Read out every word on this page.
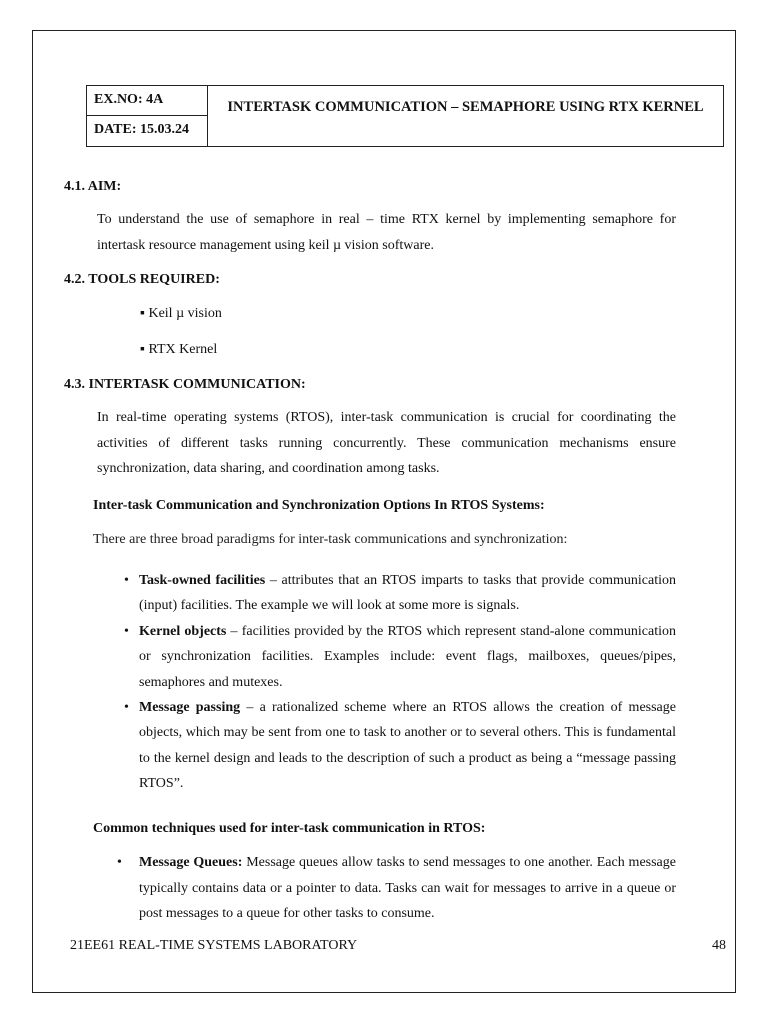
EX.NO: 4A
DATE: 15.03.24
INTERTASK COMMUNICATION – SEMAPHORE USING RTX KERNEL
4.1. AIM:
To understand the use of semaphore in real – time RTX kernel by implementing semaphore for intertask resource management using keil µ vision software.
4.2. TOOLS REQUIRED:
▪ Keil µ vision
▪ RTX Kernel
4.3. INTERTASK COMMUNICATION:
In real-time operating systems (RTOS), inter-task communication is crucial for coordinating the activities of different tasks running concurrently. These communication mechanisms ensure synchronization, data sharing, and coordination among tasks.
Inter-task Communication and Synchronization Options In RTOS Systems:
There are three broad paradigms for inter-task communications and synchronization:
• Task-owned facilities – attributes that an RTOS imparts to tasks that provide communication (input) facilities. The example we will look at some more is signals.
• Kernel objects – facilities provided by the RTOS which represent stand-alone communication or synchronization facilities. Examples include: event flags, mailboxes, queues/pipes, semaphores and mutexes.
• Message passing – a rationalized scheme where an RTOS allows the creation of message objects, which may be sent from one to task to another or to several others. This is fundamental to the kernel design and leads to the description of such a product as being a “message passing RTOS”.
Common techniques used for inter-task communication in RTOS:
• Message Queues: Message queues allow tasks to send messages to one another. Each message typically contains data or a pointer to data. Tasks can wait for messages to arrive in a queue or post messages to a queue for other tasks to consume.
21EE61 REAL-TIME SYSTEMS LABORATORY	48
